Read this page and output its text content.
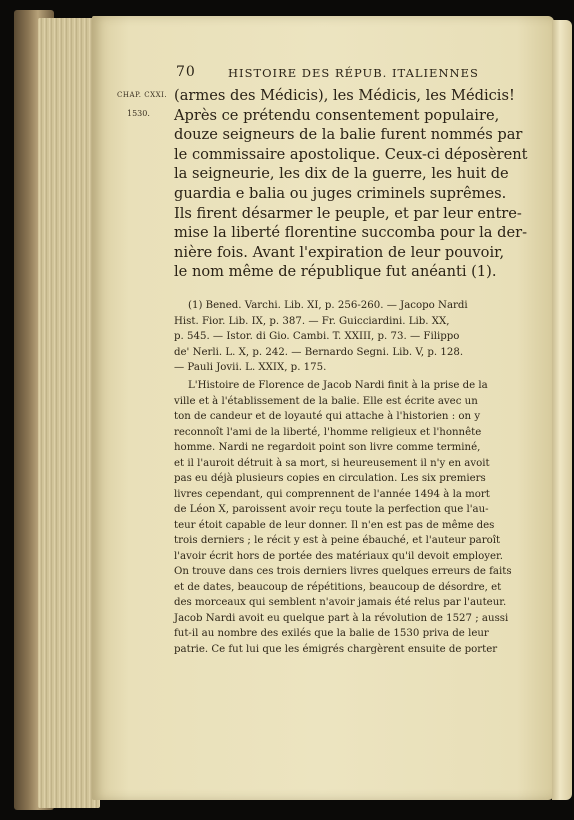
70	HISTOIRE DES RÉPUB. ITALIENNES
CHAP. CXXI.
1530.
(armes des Médicis), les Médicis, les Médicis!
Après ce prétendu consentement populaire,
douze seigneurs de la balie furent nommés par
le commissaire apostolique. Ceux-ci déposèrent
la seigneurie, les dix de la guerre, les huit de
guardia e balia ou juges criminels suprêmes.
Ils firent désarmer le peuple, et par leur entre-
mise la liberté florentine succomba pour la der-
nière fois. Avant l'expiration de leur pouvoir,
le nom même de république fut anéanti (1).
(1) Bened. Varchi. Lib. XI, p. 256-260. — Jacopo Nardi
Hist. Fior. Lib. IX, p. 387. — Fr. Guicciardini. Lib. XX,
p. 545. — Istor. di Gio. Cambi. T. XXIII, p. 73. — Filippo
de' Nerli. L. X, p. 242. — Bernardo Segni. Lib. V, p. 128.
— Pauli Jovii. L. XXIX, p. 175.
L'Histoire de Florence de Jacob Nardi finit à la prise de la
ville et à l'établissement de la balie. Elle est écrite avec un
ton de candeur et de loyauté qui attache à l'historien : on y
reconnoît l'ami de la liberté, l'homme religieux et l'honnête
homme. Nardi ne regardoit point son livre comme terminé,
et il l'auroit détruit à sa mort, si heureusement il n'y en avoit
pas eu déjà plusieurs copies en circulation. Les six premiers
livres cependant, qui comprennent de l'année 1494 à la mort
de Léon X, paroissent avoir reçu toute la perfection que l'au-
teur étoit capable de leur donner. Il n'en est pas de même des
trois derniers ; le récit y est à peine ébauché, et l'auteur paroît
l'avoir écrit hors de portée des matériaux qu'il devoit employer.
On trouve dans ces trois derniers livres quelques erreurs de faits
et de dates, beaucoup de répétitions, beaucoup de désordre, et
des morceaux qui semblent n'avoir jamais été relus par l'auteur.
Jacob Nardi avoit eu quelque part à la révolution de 1527 ; aussi
fut-il au nombre des exilés que la balie de 1530 priva de leur
patrie. Ce fut lui que les émigrés chargèrent ensuite de porter
